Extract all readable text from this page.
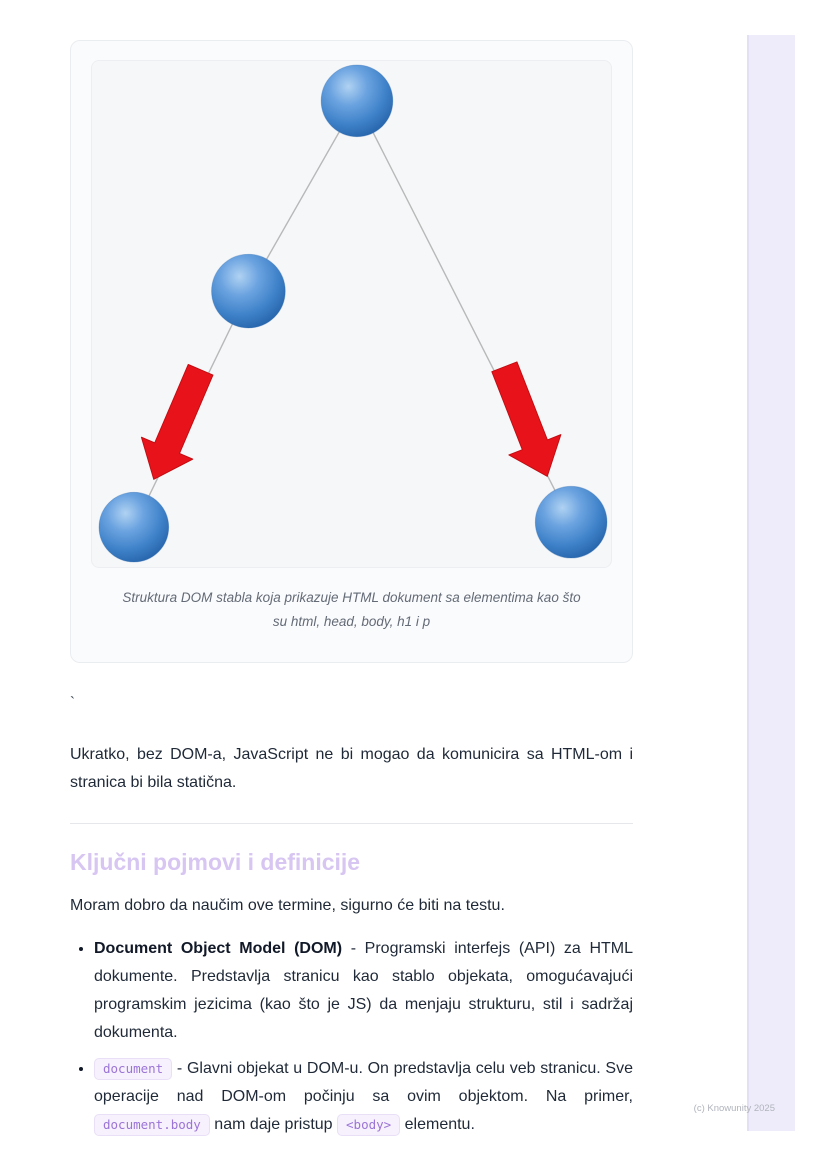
Struktura DOM stabla koja prikazuje HTML dokument sa elementima kao što su html, head, body, h1 i p
`

Ukratko, bez DOM-a, JavaScript ne bi mogao da komunicira sa HTML-om i stranica bi bila statična.

Ključni pojmovi i definicije

Moram dobro da naučim ove termine, sigurno će biti na testu.

• Document Object Model (DOM) - Programski interfejs (API) za HTML dokumente. Predstavlja stranicu kao stablo objekata, omogućavajući programskim jezicima (kao što je JS) da menjaju strukturu, stil i sadržaj dokumenta.
• document - Glavni objekat u DOM-u. On predstavlja celu veb stranicu. Sve operacije nad DOM-om počinju sa ovim objektom. Na primer, document.body nam daje pristup <body> elementu.
(c) Knowunity 2025
